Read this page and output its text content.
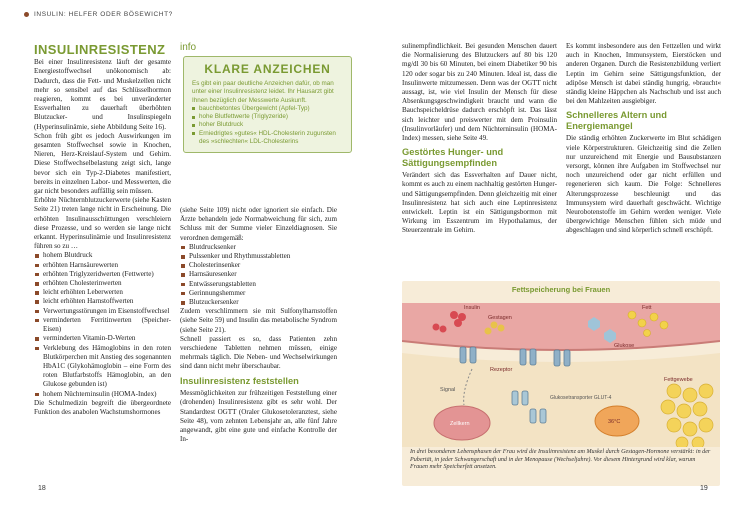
INSULIN: HELFER ODER BÖSEWICHT?
INSULINRESISTENZ

Bei einer Insulinresistenz läuft der gesamte Energiestoffwechsel unökonomisch ab: Dadurch, dass die Fett- und Muskelzellen nicht mehr so sensibel auf das Schlüsselhormon reagieren, kommt es bei unveränderter Essverhalten zu dauerhaft überhöhten Blutzucker- und Insulinspiegeln (Hyperinsulinämie, siehe Abbildung Seite 16).

Schon früh gibt es jedoch Auswirkungen im gesamten Stoffwechsel sowie in Knochen, Nieren, Herz-Kreislauf-System und Gehirn. Diese Stoffwechselbelastung zeigt sich, lange bevor sich ein Typ-2-Diabetes manifestiert, bereits in einzelnen Labor- und Messwerten, die gar nicht besonders auffällig sein müssen.

Erhöhte Nüchternblutzuckerwerte (siehe Kasten Seite 21) treten lange nicht in Erscheinung. Die erhöhten Insulinausschüttungen verschleiern diese Prozesse, und so werden sie lange nicht erkannt. Hyperinsulinämie und Insulinresistenz führen so zu …

hohem Blutdruck
erhöhten Harnsäurewerten
erhöhten Triglyzeridwerten (Fettwerte)
erhöhten Cholesterinwerten
leicht erhöhten Leberwerten
leicht erhöhten Harnstoffwerten
Verwertungsstörungen im Eisenstoffwechsel
verminderten Ferritinwerten (Speicher-Eisen)
verminderten Vitamin-D-Werten
Verklebung des Hämoglobins in den roten Blutkörperchen mit Anstieg des sogenannten HbA1C (Glykohämoglobin – eine Form des roten Blutfarbstoffs Hämoglobin, an den Glukose gebunden ist)
hohem Nüchterninsulin (HOMA-Index)

Die Schulmedizin begreift die übergeordnete Funktion des anabolen Wachstumshormones

info
KLARE ANZEICHEN
Es gibt ein paar deutliche Anzeichen dafür, ob man unter einer Insulinresistenz leidet. Ihr Hausarzt gibt Ihnen bezüglich der Messwerte Auskunft.
bauchbetontes Übergewicht (Apfel-Typ)
hohe Blutfettwerte (Triglyzeride)
hoher Blutdruck
Erniedrigtes »gutes« HDL-Cholesterin zugunsten des »schlechten« LDL-Cholesterins

(siehe Seite 109) nicht oder ignoriert sie einfach. Die Ärzte behandeln jede Normabweichung für sich, zum Schluss mit der Summe vieler Einzeldiagnosen. Sie verordnen demgemäß:

Blutdrucksenker
Pulssenker und Rhythmusstabletten
Cholesterinsenker
Harnsäuresenker
Entwässerungstabletten
Gerinnungshemmer
Blutzuckersenker

Zudem verschlimmern sie mit Sulfonylharnstoffen (siehe Seite 59) und Insulin das metabolische Syndrom (siehe Seite 21).

Schnell passiert es so, dass Patienten zehn verschiedene Tabletten nehmen müssen, einige mehrmals täglich. Die Neben- und Wechselwirkungen sind dann nicht mehr überschaubar.

Insulinresistenz feststellen

Messmöglichkeiten zur frühzeitigen Feststellung einer (drohenden) Insulinresistenz gibt es sehr wohl. Der Standardtest OGTT (Oraler Glukosetoleranztest, siehe Seite 48), vom zehnten Lebensjahr an, alle fünf Jahre angewandt, gibt eine gute und einfache Kontrolle der In-

sulinempfindlichkeit. Bei gesunden Menschen dauert die Normalisierung des Blutzuckers auf 80 bis 120 mg/dl 30 bis 60 Minuten, bei einem Diabetiker 90 bis 120 oder sogar bis zu 240 Minuten. Ideal ist, dass die Insulinwerte mitzumessen. Denn was der OGTT nicht aussagt, ist, wie viel Insulin der Mensch für diese Absenkungsgeschwindigkeit braucht und wann die Bauchspeicheldrüse dadurch erschöpft ist. Das lässt sich leichter und preiswerter mit dem Proinsulin (Insulinvorläufer) und dem Nüchterninsulin (HOMA-Index) messen, siehe Seite 49.

Gestörtes Hunger- und Sättigungsempfinden

Verändert sich das Essverhalten auf Dauer nicht, kommt es auch zu einem nachhaltig gestörten Hunger- und Sättigungsempfinden. Denn gleichzeitig mit einer Insulinresistenz hat sich auch eine Leptinresistenz entwickelt. Leptin ist ein Sättigungsbormon mit Wirkung im Esszentrum im Hypothalamus, der Steuerzentrale im Gehirn.

Es kommt insbesondere aus den Fettzellen und wirkt auch in Knochen, Immunsystem, Eierstöcken und anderen Organen. Durch die Resistenzbildung verliert Leptin im Gehirn seine Sättigungsfunktion, der adipöse Mensch ist dabei ständig hungrig, »braucht« ständig kleine Häppchen als Nachschub und isst auch bei den Mahlzeiten ausgiebiger.

Schnelleres Altern und Energiemangel

Die ständig erhöhten Zuckerwerte im Blut schädigen viele Körperstrukturen. Gleichzeitig sind die Zellen nur unzureichend mit Energie und Bausubstanzen versorgt, können ihre Aufgaben im Stoffwechsel nur noch unzureichend oder gar nicht erfüllen und regenerieren sich kaum. Die Folge: Schnelleres Alterungsprozesse beschleunigt und das Immunsystem wird dauerhaft geschwächt. Wichtige Neurobotenstoffe im Gehirn werden weniger. Viele übergewichtige Menschen fühlen sich müde und abgeschlagen und sind körperlich schnell erschöpft.

Fettspeicherung bei Frauen
Insulin
Gestagen
Fett
Glukose
Rezeptor
Signal
Zellkern
Glukosetransporter GLUT-4
36°C
Fettgewebe
In drei besonderen Lebensphasen der Frau wird die Insulinresistenz am Muskel durch Gestagen-Hormone verstärkt: in der Pubertät, in jeder Schwangerschaft und in der Menopause (Wechseljahre). Vor diesem Hintergrund wird klar, warum Frauen mehr Speicherfett ansetzen.
18	19
